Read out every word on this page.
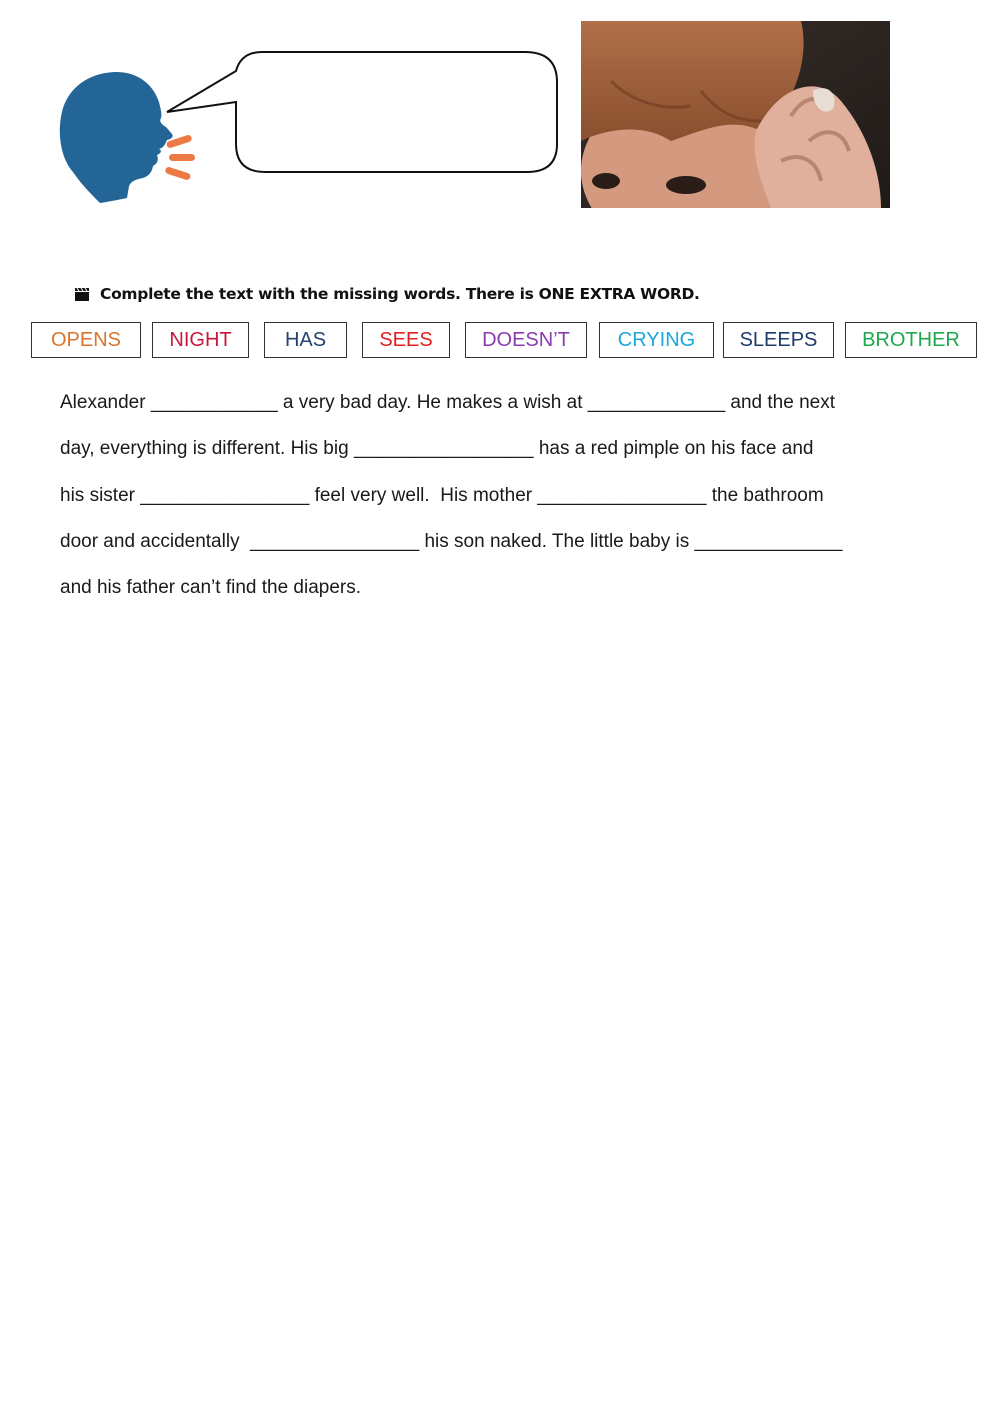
Complete the text with the missing words. There is ONE EXTRA WORD.
OPENS NIGHT	HAS	SEES DOESN’T CRYING SLEEPS BROTHER
Alexander ____________ a very bad day. He makes a wish at _____________ and the next
day, everything is different. His big _________________ has a red pimple on his face and
his sister ________________ feel very well.  His mother ________________ the bathroom
door and accidentally  ________________ his son naked. The little baby is ______________
and his father can’t find the diapers.
